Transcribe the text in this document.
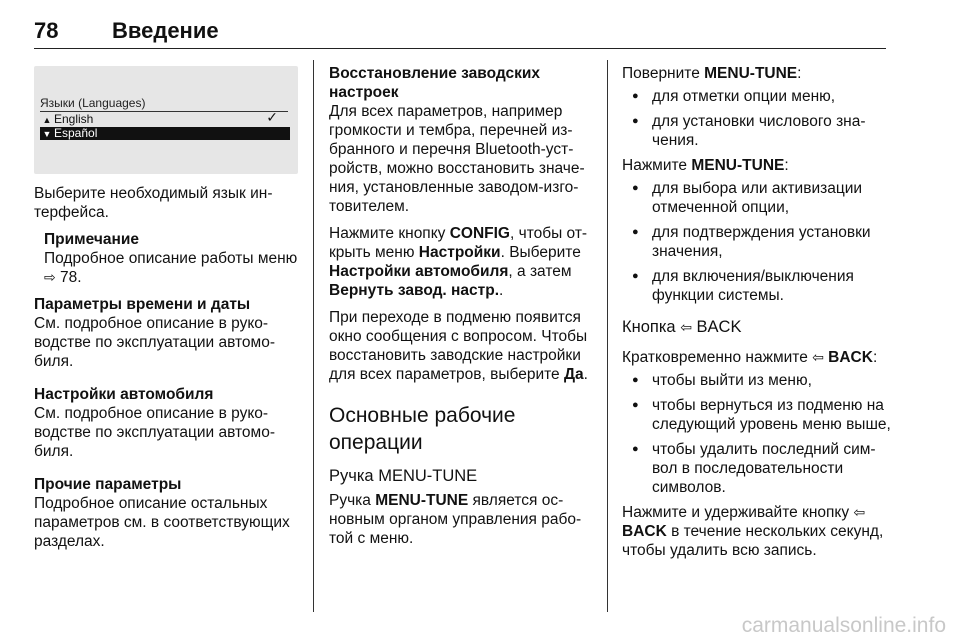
78 Введение
Языки (Languages)
▲ English	✓
▼ Español

Выберите необходимый язык ин-терфейса.

Примечание
Подробное описание работы меню ⇨ 78.
Параметры времени и даты

См. подробное описание в руко-водстве по эксплуатации автомо-биля.

Настройки автомобиля

См. подробное описание в руко-водстве по эксплуатации автомо-биля.

Прочие параметры

Подробное описание остальных параметров см. в соответствующих разделах.

Восстановление заводских настроек

Для всех параметров, например громкости и тембра, перечней из-бранного и перечня Bluetooth-уст-ройств, можно восстановить значе-ния, установленные заводом-изго-товителем.

Нажмите кнопку CONFIG, чтобы от-крыть меню Настройки. Выберите Настройки автомобиля, а затем Вернуть завод. настр..

При переходе в подменю появится окно сообщения с вопросом. Чтобы восстановить заводские настройки для всех параметров, выберите Да.

Основные рабочие операции
Ручка MENU-TUNE

Ручка MENU-TUNE является ос-новным органом управления рабо-той с меню.

Поверните MENU-TUNE:

● для отметки опции меню,
● для установки числового зна-чения.

Нажмите MENU-TUNE:

● для выбора или активизации отмеченной опции,
● для подтверждения установки значения,
● для включения/выключения функции системы.
Кнопка ⇦ BACK

Кратковременно нажмите ⇦ BACK:

● чтобы выйти из меню,
● чтобы вернуться из подменю на следующий уровень меню выше,
● чтобы удалить последний сим-вол в последовательности символов.

Нажмите и удерживайте кнопку ⇦
BACK в течение нескольких секунд, чтобы удалить всю запись.

carmanualsonline.info
